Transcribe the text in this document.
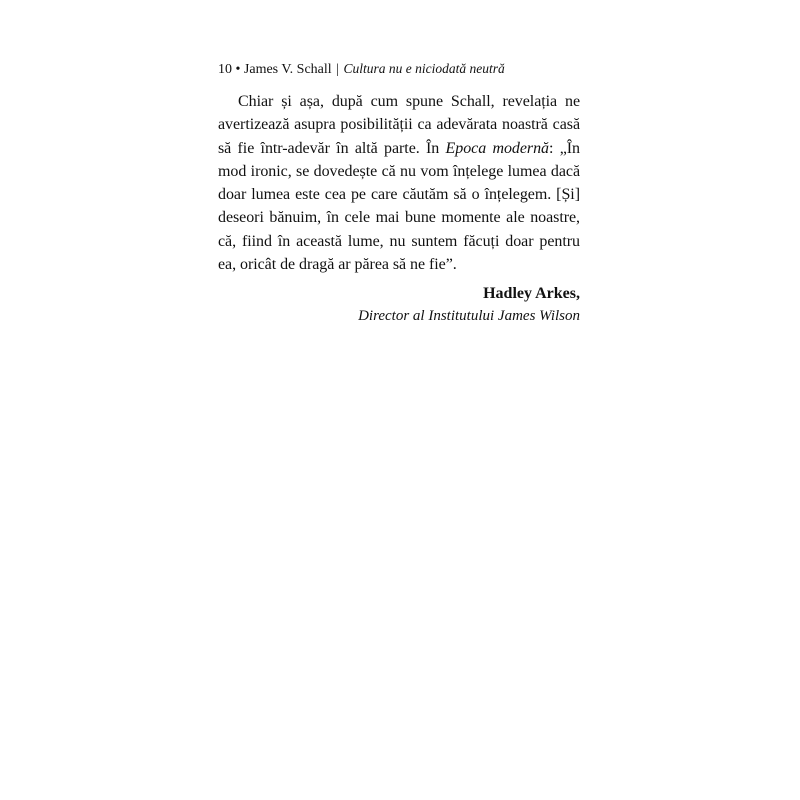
10 • James V. Schall | Cultura nu e niciodată neutră

Chiar și așa, după cum spune Schall, revelația ne avertizează asupra posibilității ca adevărata noastră casă să fie într-adevăr în altă parte. În Epoca modernă: „În mod ironic, se dovedește că nu vom înțelege lumea dacă doar lumea este cea pe care căutăm să o înțelegem. [Și] deseori bănuim, în cele mai bune momente ale noastre, că, fiind în această lume, nu suntem făcuți doar pentru ea, oricât de dragă ar părea să ne fie”.

Hadley Arkes,
Director al Institutului James Wilson
